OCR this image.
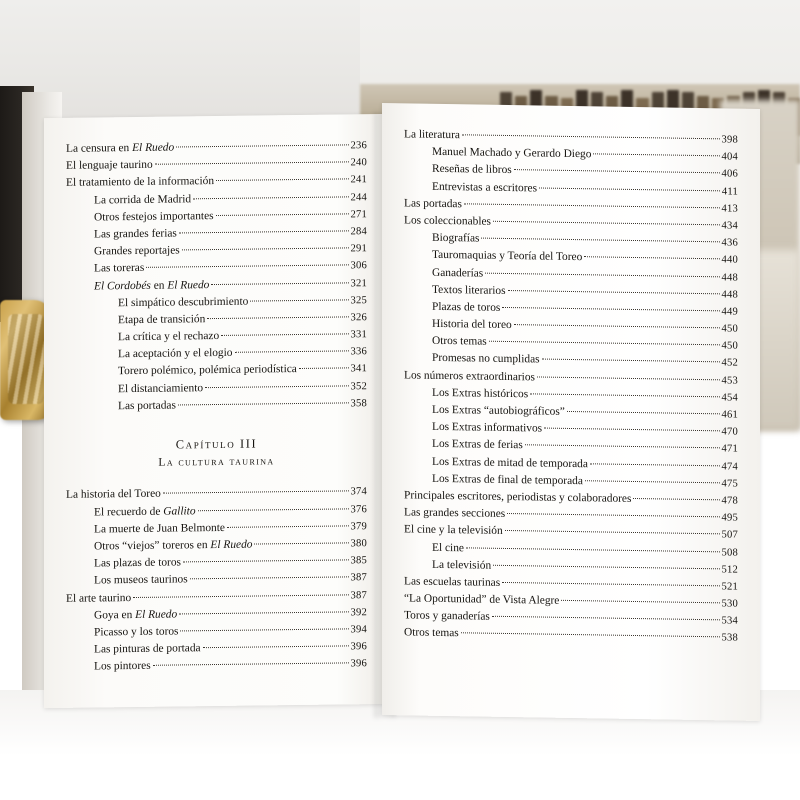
La censura en El Ruedo	236
El lenguaje taurino	240
El tratamiento de la información	241
La corrida de Madrid	244
Otros festejos importantes	271
Las grandes ferias	284
Grandes reportajes	291
Las toreras	306
El Cordobés en El Ruedo	321
El simpático descubrimiento	325
Etapa de transición	326
La crítica y el rechazo	331
La aceptación y el elogio	336
Torero polémico, polémica periodística	341
El distanciamiento	352
Las portadas	358
Capítulo III
La cultura taurina
La historia del Toreo	374
El recuerdo de Gallito	376
La muerte de Juan Belmonte	379
Otros “viejos” toreros en El Ruedo	380
Las plazas de toros	385
Los museos taurinos	387
El arte taurino	387
Goya en El Ruedo	392
Picasso y los toros	394
Las pinturas de portada	396
Los pintores	396
La literatura	398
Manuel Machado y Gerardo Diego	404
Reseñas de libros	406
Entrevistas a escritores	411
Las portadas	413
Los coleccionables	434
Biografías	436
Tauromaquias y Teoría del Toreo	440
Ganaderías	448
Textos literarios	448
Plazas de toros	449
Historia del toreo	450
Otros temas	450
Promesas no cumplidas	452
Los números extraordinarios	453
Los Extras históricos	454
Los Extras “autobiográficos”	461
Los Extras informativos	470
Los Extras de ferias	471
Los Extras de mitad de temporada	474
Los Extras de final de temporada	475
Principales escritores, periodistas y colaboradores	478
Las grandes secciones	495
El cine y la televisión	507
El cine	508
La televisión	512
Las escuelas taurinas	521
“La Oportunidad” de Vista Alegre	530
Toros y ganaderías	534
Otros temas	538
